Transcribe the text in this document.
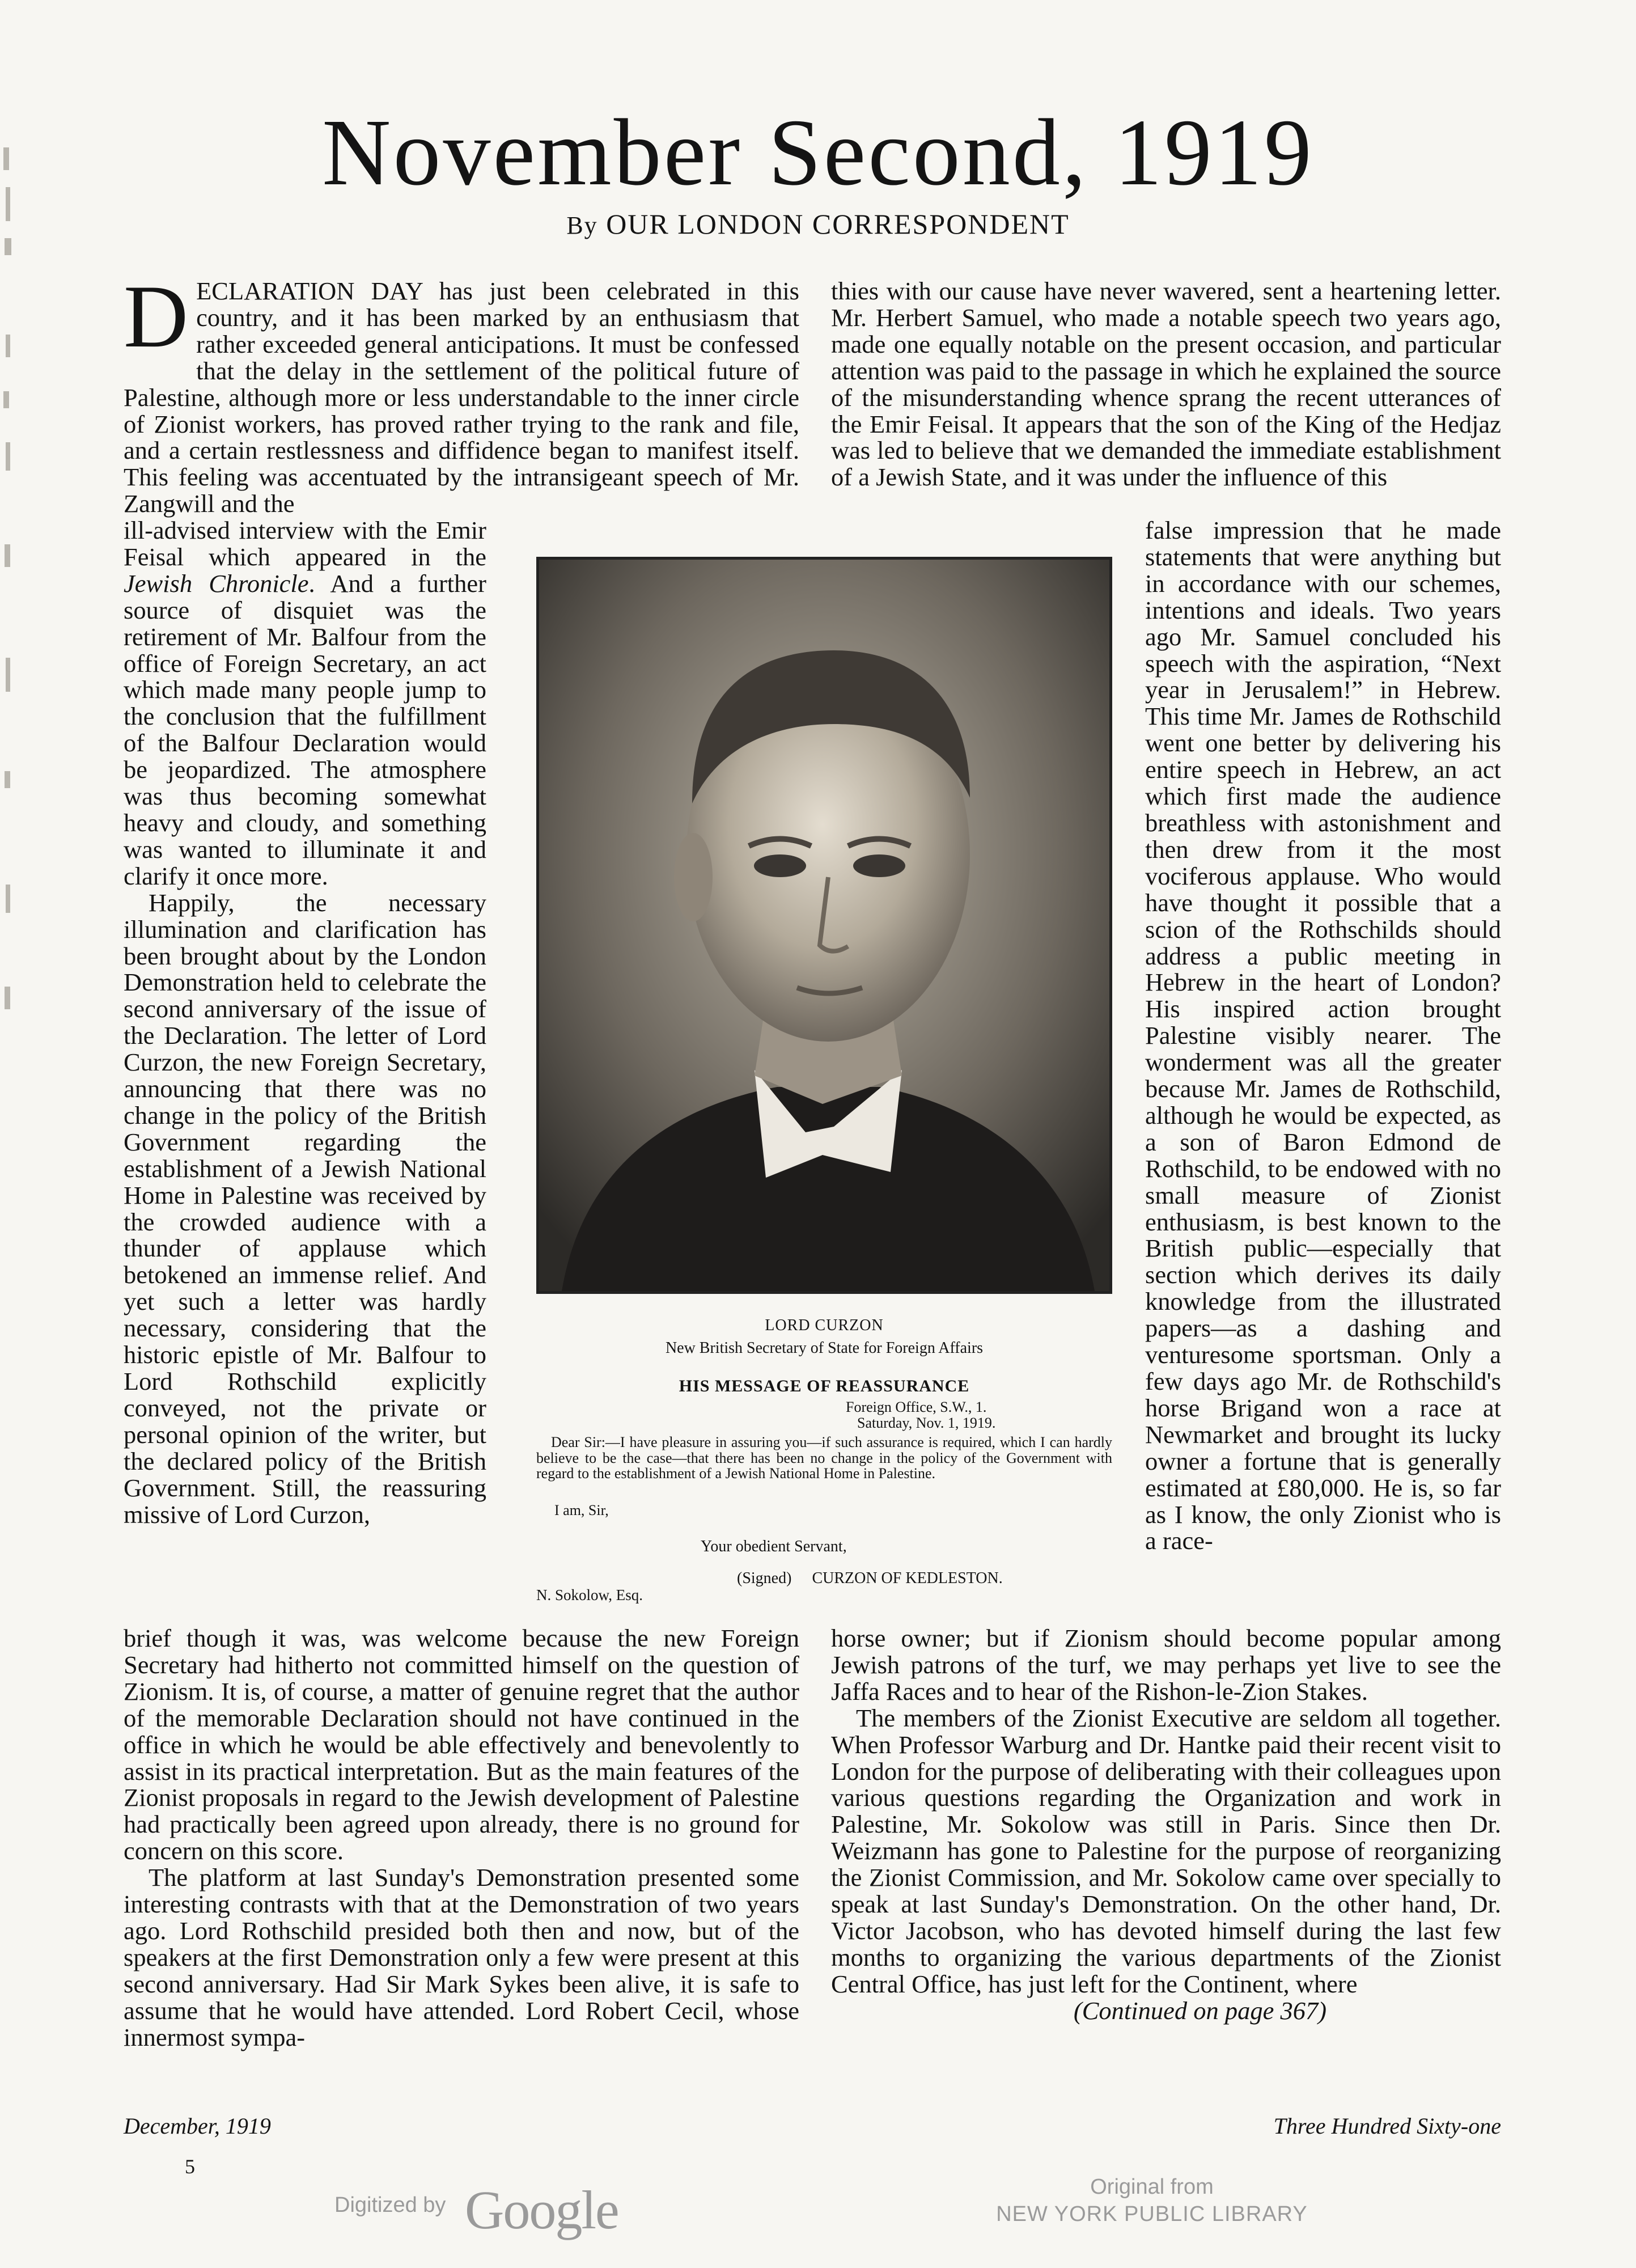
November Second, 1919
By OUR LONDON CORRESPONDENT

DECLARATION DAY has just been celebrated in this country, and it has been marked by an enthusiasm that rather exceeded general anticipations. It must be confessed that the delay in the settlement of the political future of Palestine, although more or less understandable to the inner circle of Zionist workers, has proved rather trying to the rank and file, and a certain restlessness and diffidence began to manifest itself. This feeling was accentuated by the intransigeant speech of Mr. Zangwill and the

ill-advised interview with the Emir Feisal which appeared in the Jewish Chronicle. And a further source of disquiet was the retirement of Mr. Balfour from the office of Foreign Secretary, an act which made many people jump to the conclusion that the fulfillment of the Balfour Declaration would be jeopardized. The atmosphere was thus becoming somewhat heavy and cloudy, and something was wanted to illuminate it and clarify it once more.

Happily, the necessary illumination and clarification has been brought about by the London Demonstration held to celebrate the second anniversary of the issue of the Declaration. The letter of Lord Curzon, the new Foreign Secretary, announcing that there was no change in the policy of the British Government regarding the establishment of a Jewish National Home in Palestine was received by the crowded audience with a thunder of applause which betokened an immense relief. And yet such a letter was hardly necessary, considering that the historic epistle of Mr. Balfour to Lord Rothschild explicitly conveyed, not the private or personal opinion of the writer, but the declared policy of the British Government. Still, the reassuring missive of Lord Curzon,

brief though it was, was welcome because the new Foreign Secretary had hitherto not committed himself on the question of Zionism. It is, of course, a matter of genuine regret that the author of the memorable Declaration should not have continued in the office in which he would be able effectively and benevolently to assist in its practical interpretation. But as the main features of the Zionist proposals in regard to the Jewish development of Palestine had practically been agreed upon already, there is no ground for concern on this score.

The platform at last Sunday's Demonstration presented some interesting contrasts with that at the Demonstration of two years ago. Lord Rothschild presided both then and now, but of the speakers at the first Demonstration only a few were present at this second anniversary. Had Sir Mark Sykes been alive, it is safe to assume that he would have attended. Lord Robert Cecil, whose innermost sympa-

thies with our cause have never wavered, sent a heartening letter. Mr. Herbert Samuel, who made a notable speech two years ago, made one equally notable on the present occasion, and particular attention was paid to the passage in which he explained the source of the misunderstanding whence sprang the recent utterances of the Emir Feisal. It appears that the son of the King of the Hedjaz was led to believe that we demanded the immediate establishment of a Jewish State, and it was under the influence of this

false impression that he made statements that were anything but in accordance with our schemes, intentions and ideals. Two years ago Mr. Samuel concluded his speech with the aspiration, “Next year in Jerusalem!” in Hebrew. This time Mr. James de Rothschild went one better by delivering his entire speech in Hebrew, an act which first made the audience breathless with astonishment and then drew from it the most vociferous applause. Who would have thought it possible that a scion of the Rothschilds should address a public meeting in Hebrew in the heart of London? His inspired action brought Palestine visibly nearer. The wonderment was all the greater because Mr. James de Rothschild, although he would be expected, as a son of Baron Edmond de Rothschild, to be endowed with no small measure of Zionist enthusiasm, is best known to the British public—especially that section which derives its daily knowledge from the illustrated papers—as a dashing and venturesome sportsman. Only a few days ago Mr. de Rothschild's horse Brigand won a race at Newmarket and brought its lucky owner a fortune that is generally estimated at £80,000. He is, so far as I know, the only Zionist who is a race-

horse owner; but if Zionism should become popular among Jewish patrons of the turf, we may perhaps yet live to see the Jaffa Races and to hear of the Rishon-le-Zion Stakes.

The members of the Zionist Executive are seldom all together. When Professor Warburg and Dr. Hantke paid their recent visit to London for the purpose of deliberating with their colleagues upon various questions regarding the Organization and work in Palestine, Mr. Sokolow was still in Paris. Since then Dr. Weizmann has gone to Palestine for the purpose of reorganizing the Zionist Commission, and Mr. Sokolow came over specially to speak at last Sunday's Demonstration. On the other hand, Dr. Victor Jacobson, who has devoted himself during the last few months to organizing the various departments of the Zionist Central Office, has just left for the Continent, where

(Continued on page 367)

LORD CURZON
New British Secretary of State for Foreign Affairs
HIS MESSAGE OF REASSURANCE
Foreign Office, S.W., 1.
Saturday, Nov. 1, 1919.
Dear Sir:—I have pleasure in assuring you—if such assurance is required, which I can hardly believe to be the case—that there has been no change in the policy of the Government with regard to the establishment of a Jewish National Home in Palestine.
I am, Sir,
Your obedient Servant,
(Signed) CURZON OF KEDLESTON.
N. Sokolow, Esq.
December, 1919	Three Hundred Sixty-one
5
Digitized by Google	Original from
NEW YORK PUBLIC LIBRARY
